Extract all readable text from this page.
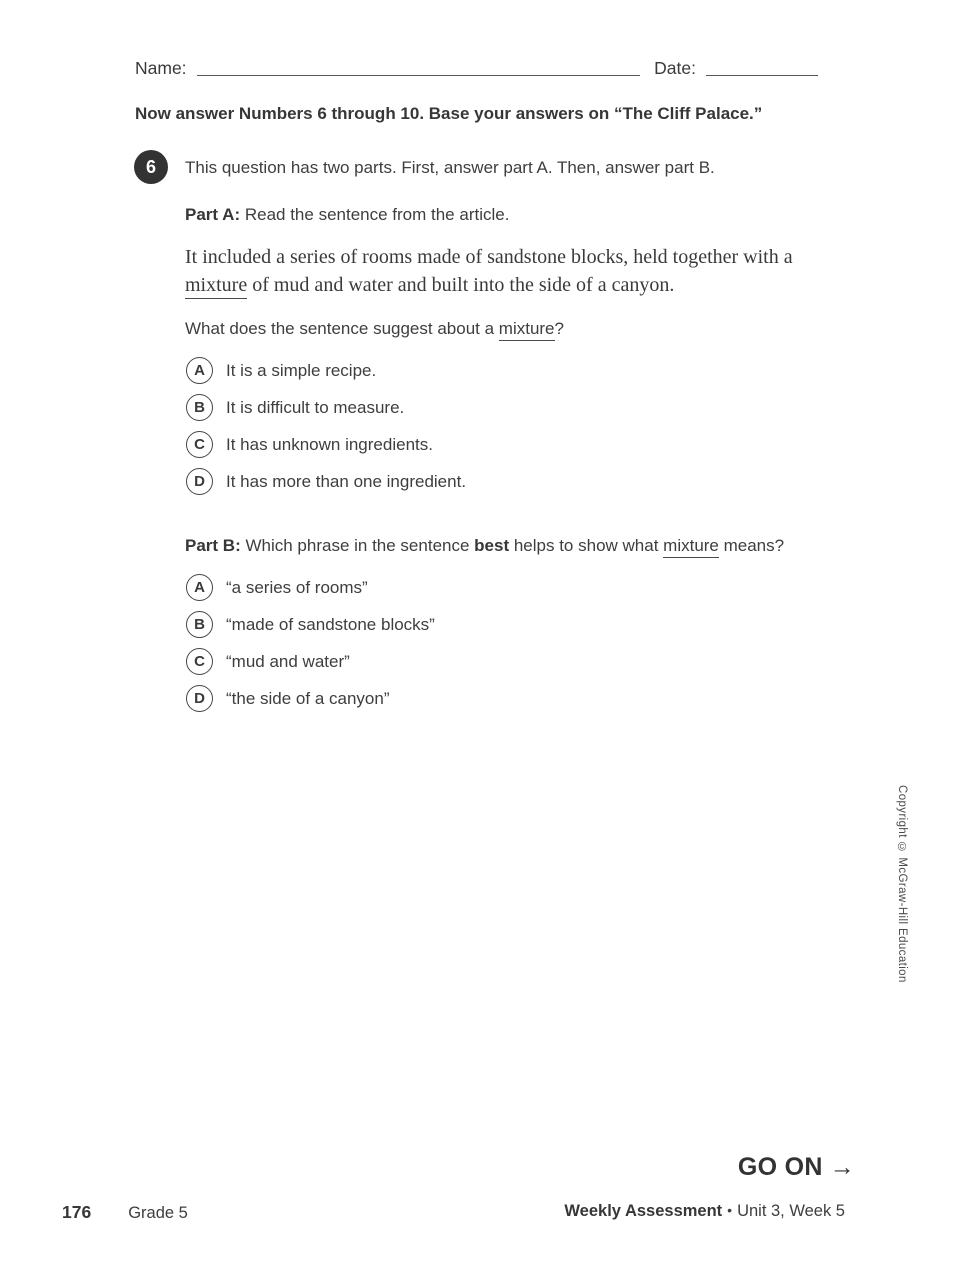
Name:	Date:
Now answer Numbers 6 through 10. Base your answers on “The Cliff Palace.”
6	This question has two parts. First, answer part A. Then, answer part B.

Part A: Read the sentence from the article.

It included a series of rooms made of sandstone blocks, held together with a
mixture of mud and water and built into the side of a canyon.

What does the sentence suggest about a mixture?

A	It is a simple recipe.
B	It is difficult to measure.
C	It has unknown ingredients.
D	It has more than one ingredient.

Part B: Which phrase in the sentence best helps to show what mixture means?

A	“a series of rooms”
B	“made of sandstone blocks”
C	“mud and water”
D	“the side of a canyon”
Copyright © McGraw-Hill Education
GO ON →
176 Grade 5	Weekly Assessment • Unit 3, Week 5
